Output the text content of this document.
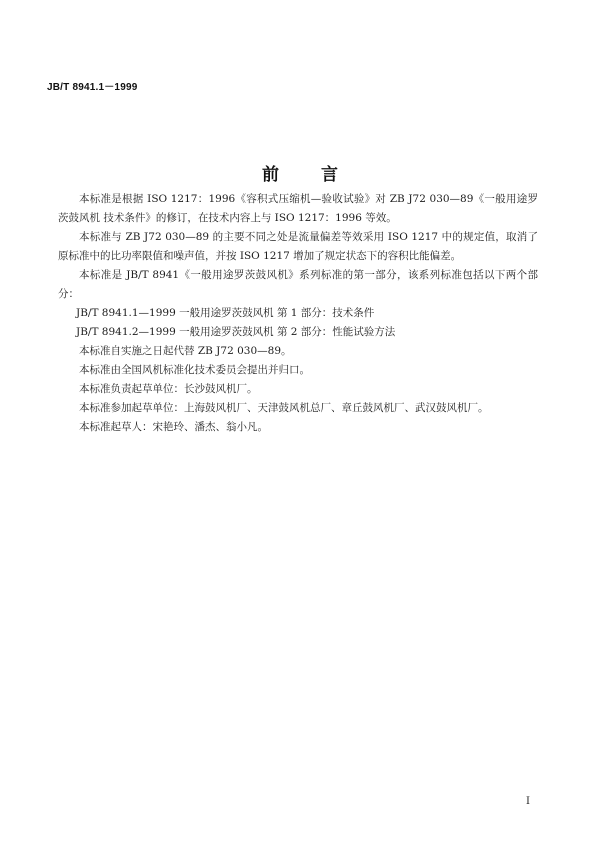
JB/T 8941.1－1999
前 言

本标准是根据 ISO 1217：1996《容积式压缩机—验收试验》对 ZB J72 030—89《一般用途罗茨鼓风机 技术条件》的修订，在技术内容上与 ISO 1217：1996 等效。

本标准与 ZB J72 030—89 的主要不同之处是流量偏差等效采用 ISO 1217 中的规定值，取消了原标准中的比功率限值和噪声值，并按 ISO 1217 增加了规定状态下的容积比能偏差。

本标准是 JB/T 8941《一般用途罗茨鼓风机》系列标准的第一部分，该系列标准包括以下两个部分：

JB/T 8941.1—1999 一般用途罗茨鼓风机 第 1 部分：技术条件

JB/T 8941.2—1999 一般用途罗茨鼓风机 第 2 部分：性能试验方法

本标准自实施之日起代替 ZB J72 030—89。

本标准由全国风机标准化技术委员会提出并归口。

本标准负责起草单位：长沙鼓风机厂。

本标准参加起草单位：上海鼓风机厂、天津鼓风机总厂、章丘鼓风机厂、武汉鼓风机厂。

本标准起草人：宋艳玲、潘杰、翁小凡。

I
